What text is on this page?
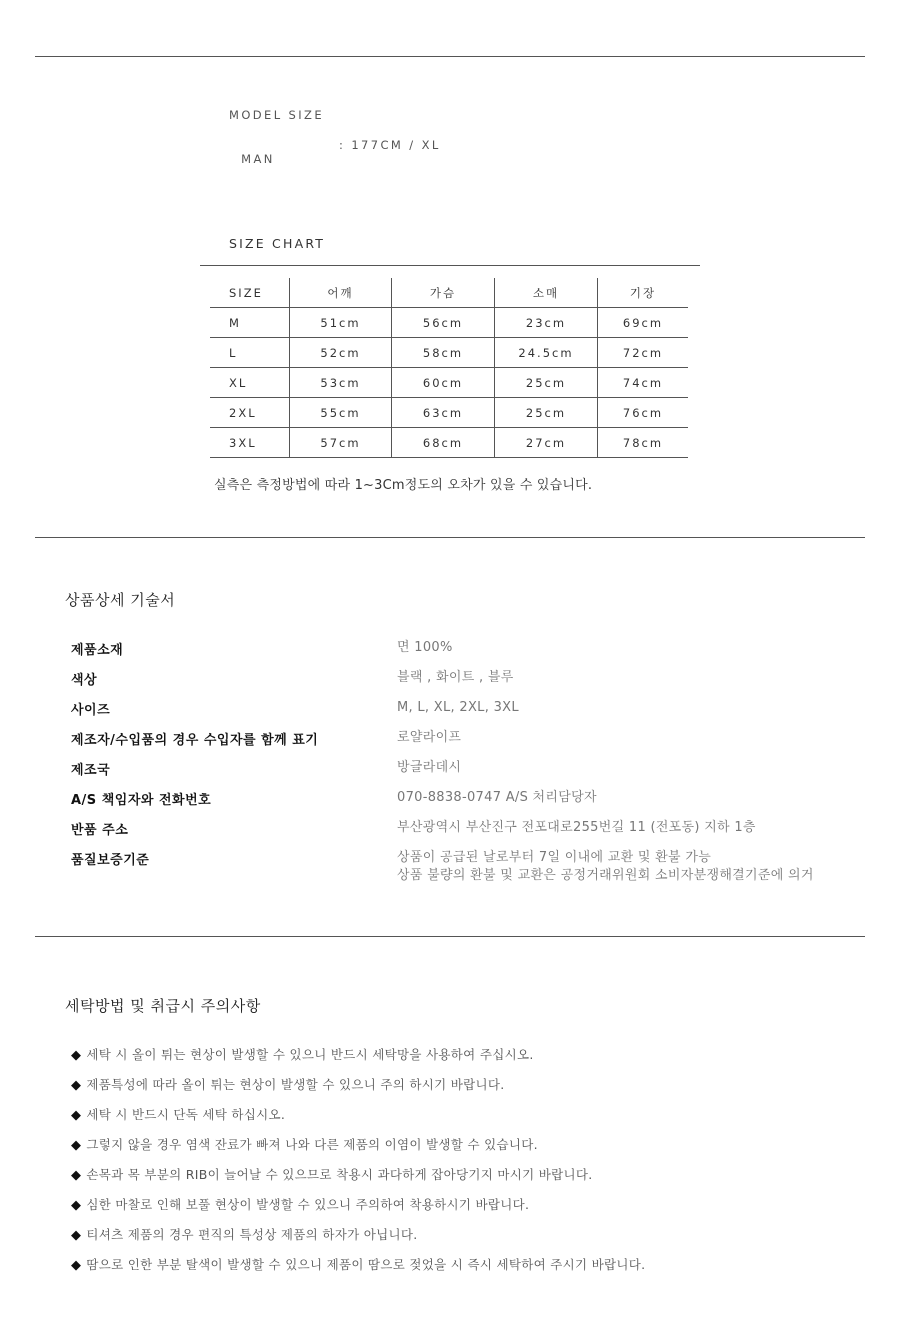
MODEL SIZE

MAN

: 177CM / XL

SIZE CHART
SIZE	어깨	가슴	소매	기장
M	51cm	56cm	23cm	69cm
L	52cm	58cm	24.5cm	72cm
XL	53cm	60cm	25cm	74cm
2XL	55cm	63cm	25cm	76cm
3XL	57cm	68cm	27cm	78cm
실측은 측정방법에 따라 1~3Cm정도의 오차가 있을 수 있습니다.
상품상세 기술서
제품소재	면 100%
색상	블랙 , 화이트 , 블루
사이즈	M, L, XL, 2XL, 3XL
제조자/수입품의 경우 수입자를 함께 표기	로얄라이프
제조국	방글라데시
A/S 책임자와 전화번호	070-8838-0747 A/S 처리담당자
반품 주소	부산광역시 부산진구 전포대로255번길 11 (전포동) 지하 1층
품질보증기준	상품이 공급된 날로부터 7일 이내에 교환 및 환불 가능
상품 불량의 환불 및 교환은 공정거래위원회 소비자분쟁해결기준에 의거
세탁방법 및 취급시 주의사항
◆ 세탁 시 올이 튀는 현상이 발생할 수 있으니 반드시 세탁망을 사용하여 주십시오.
◆ 제품특성에 따라 올이 튀는 현상이 발생할 수 있으니 주의 하시기 바랍니다.
◆ 세탁 시 반드시 단독 세탁 하십시오.
◆ 그렇지 않을 경우 염색 잔료가 빠져 나와 다른 제품의 이염이 발생할 수 있습니다.
◆ 손목과 목 부분의 RIB이 늘어날 수 있으므로 착용시 과다하게 잡아당기지 마시기 바랍니다.
◆ 심한 마찰로 인해 보풀 현상이 발생할 수 있으니 주의하여 착용하시기 바랍니다.
◆ 티셔츠 제품의 경우 편직의 특성상 제품의 하자가 아닙니다.
◆ 땀으로 인한 부분 탈색이 발생할 수 있으니 제품이 땀으로 젖었을 시 즉시 세탁하여 주시기 바랍니다.
